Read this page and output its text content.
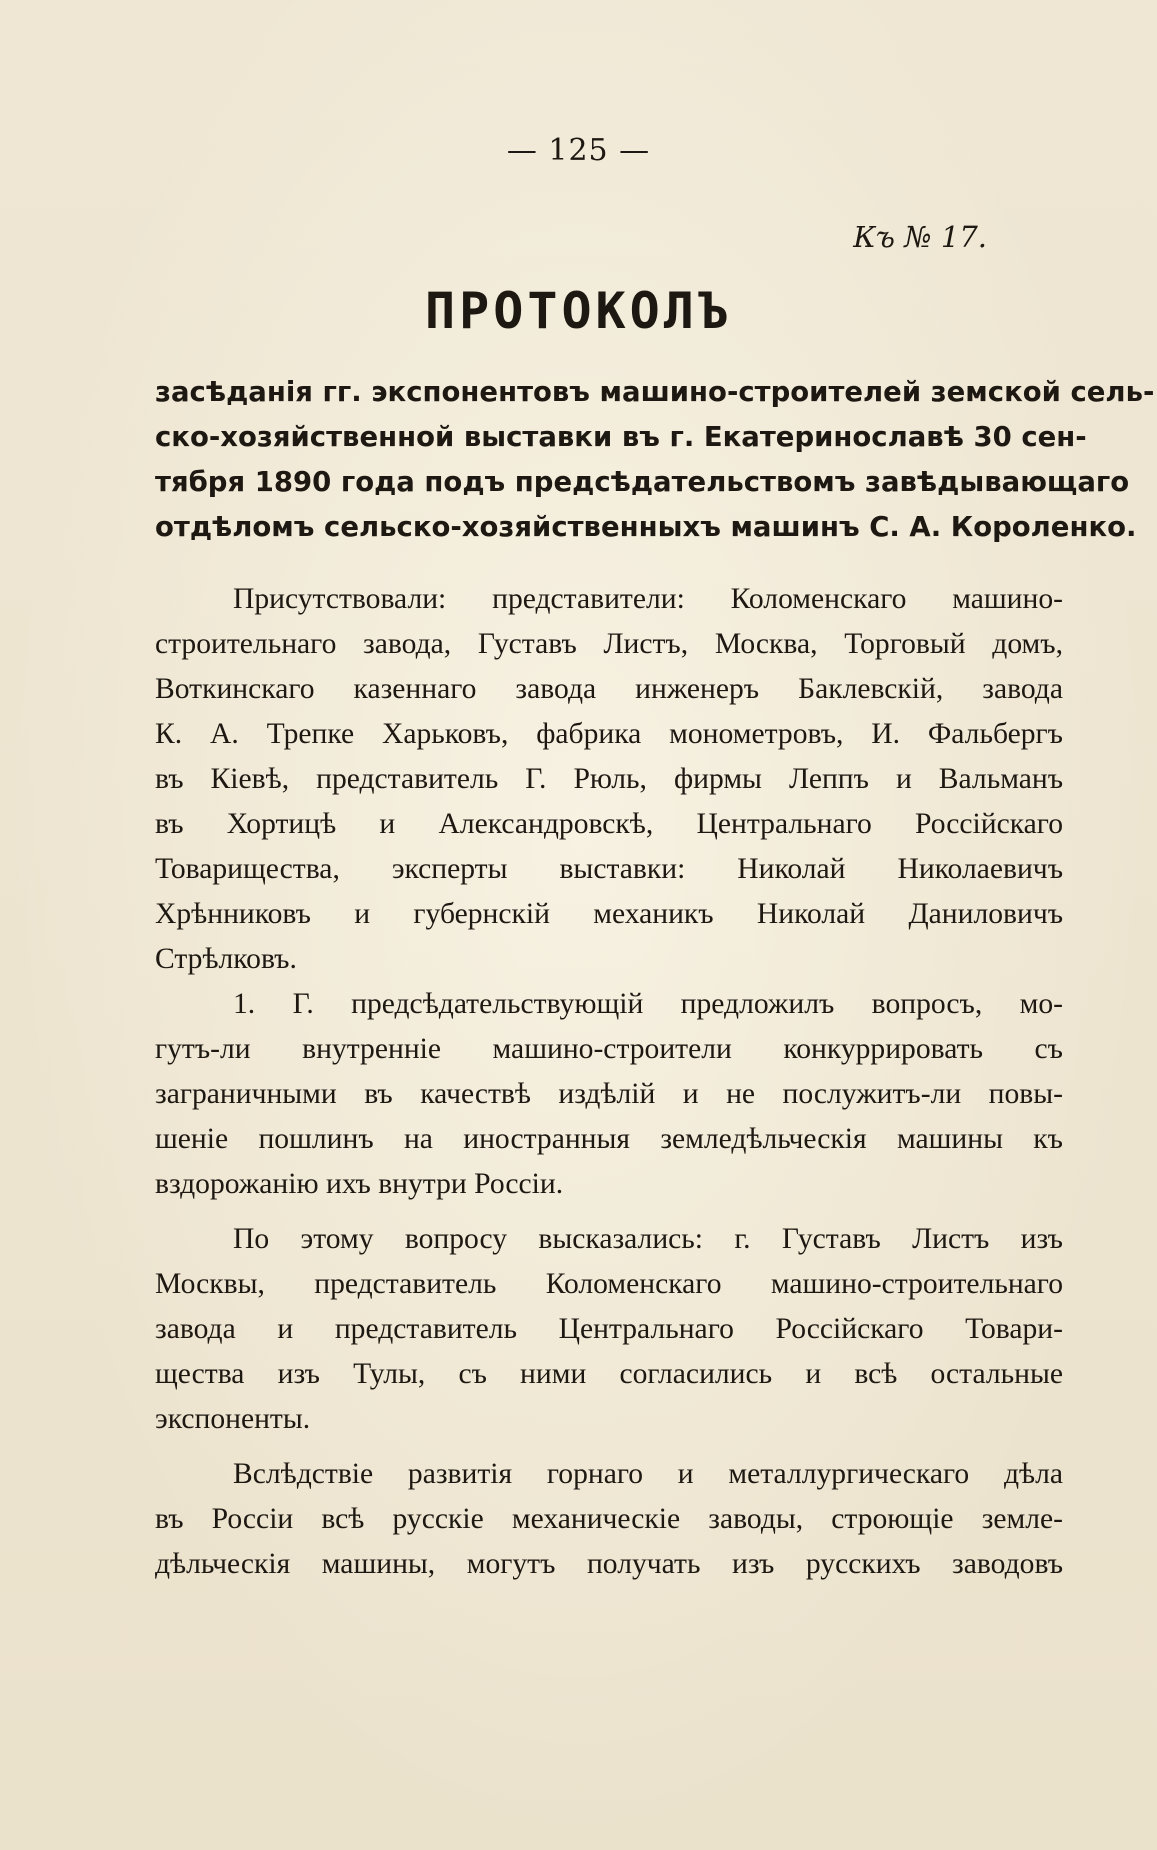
— 125 —
Къ № 17.
ПРОТОКОЛЪ
засѣданія гг. экспонентовъ машино-строителей земской сель-
ско-хозяйственной выставки въ г. Екатеринославѣ 30 сен-
тября 1890 года подъ предсѣдательствомъ завѣдывающаго
отдѣломъ сельско-хозяйственныхъ машинъ С. А. Короленко.
Присутствовали: представители: Коломенскаго машино-
строительнаго завода, Густавъ Листъ, Москва, Торговый домъ,
Воткинскаго казеннаго завода инженеръ Баклевскій, завода
К. А. Трепке Харьковъ, фабрика монометровъ, И. Фальбергъ
въ Кіевѣ, представитель Г. Рюль, фирмы Леппъ и Вальманъ
въ Хортицѣ и Александровскѣ, Центральнаго Россійскаго
Товарищества, эксперты выставки: Николай Николаевичъ
Хрѣнниковъ и губернскій механикъ Николай Даниловичъ
Стрѣлковъ.
1. Г. предсѣдательствующій предложилъ вопросъ, мо-
гутъ-ли внутренніе машино-строители конкуррировать съ
заграничными въ качествѣ издѣлій и не послужитъ-ли повы-
шеніе пошлинъ на иностранныя земледѣльческія машины къ
вздорожанію ихъ внутри Россіи.
По этому вопросу высказались: г. Густавъ Листъ изъ
Москвы, представитель Коломенскаго машино-строительнаго
завода и представитель Центральнаго Россійскаго Товари-
щества изъ Тулы, съ ними согласились и всѣ остальные
экспоненты.
Вслѣдствіе развитія горнаго и металлургическаго дѣла
въ Россіи всѣ русскіе механическіе заводы, строющіе земле-
дѣльческія машины, могутъ получать изъ русскихъ заводовъ
